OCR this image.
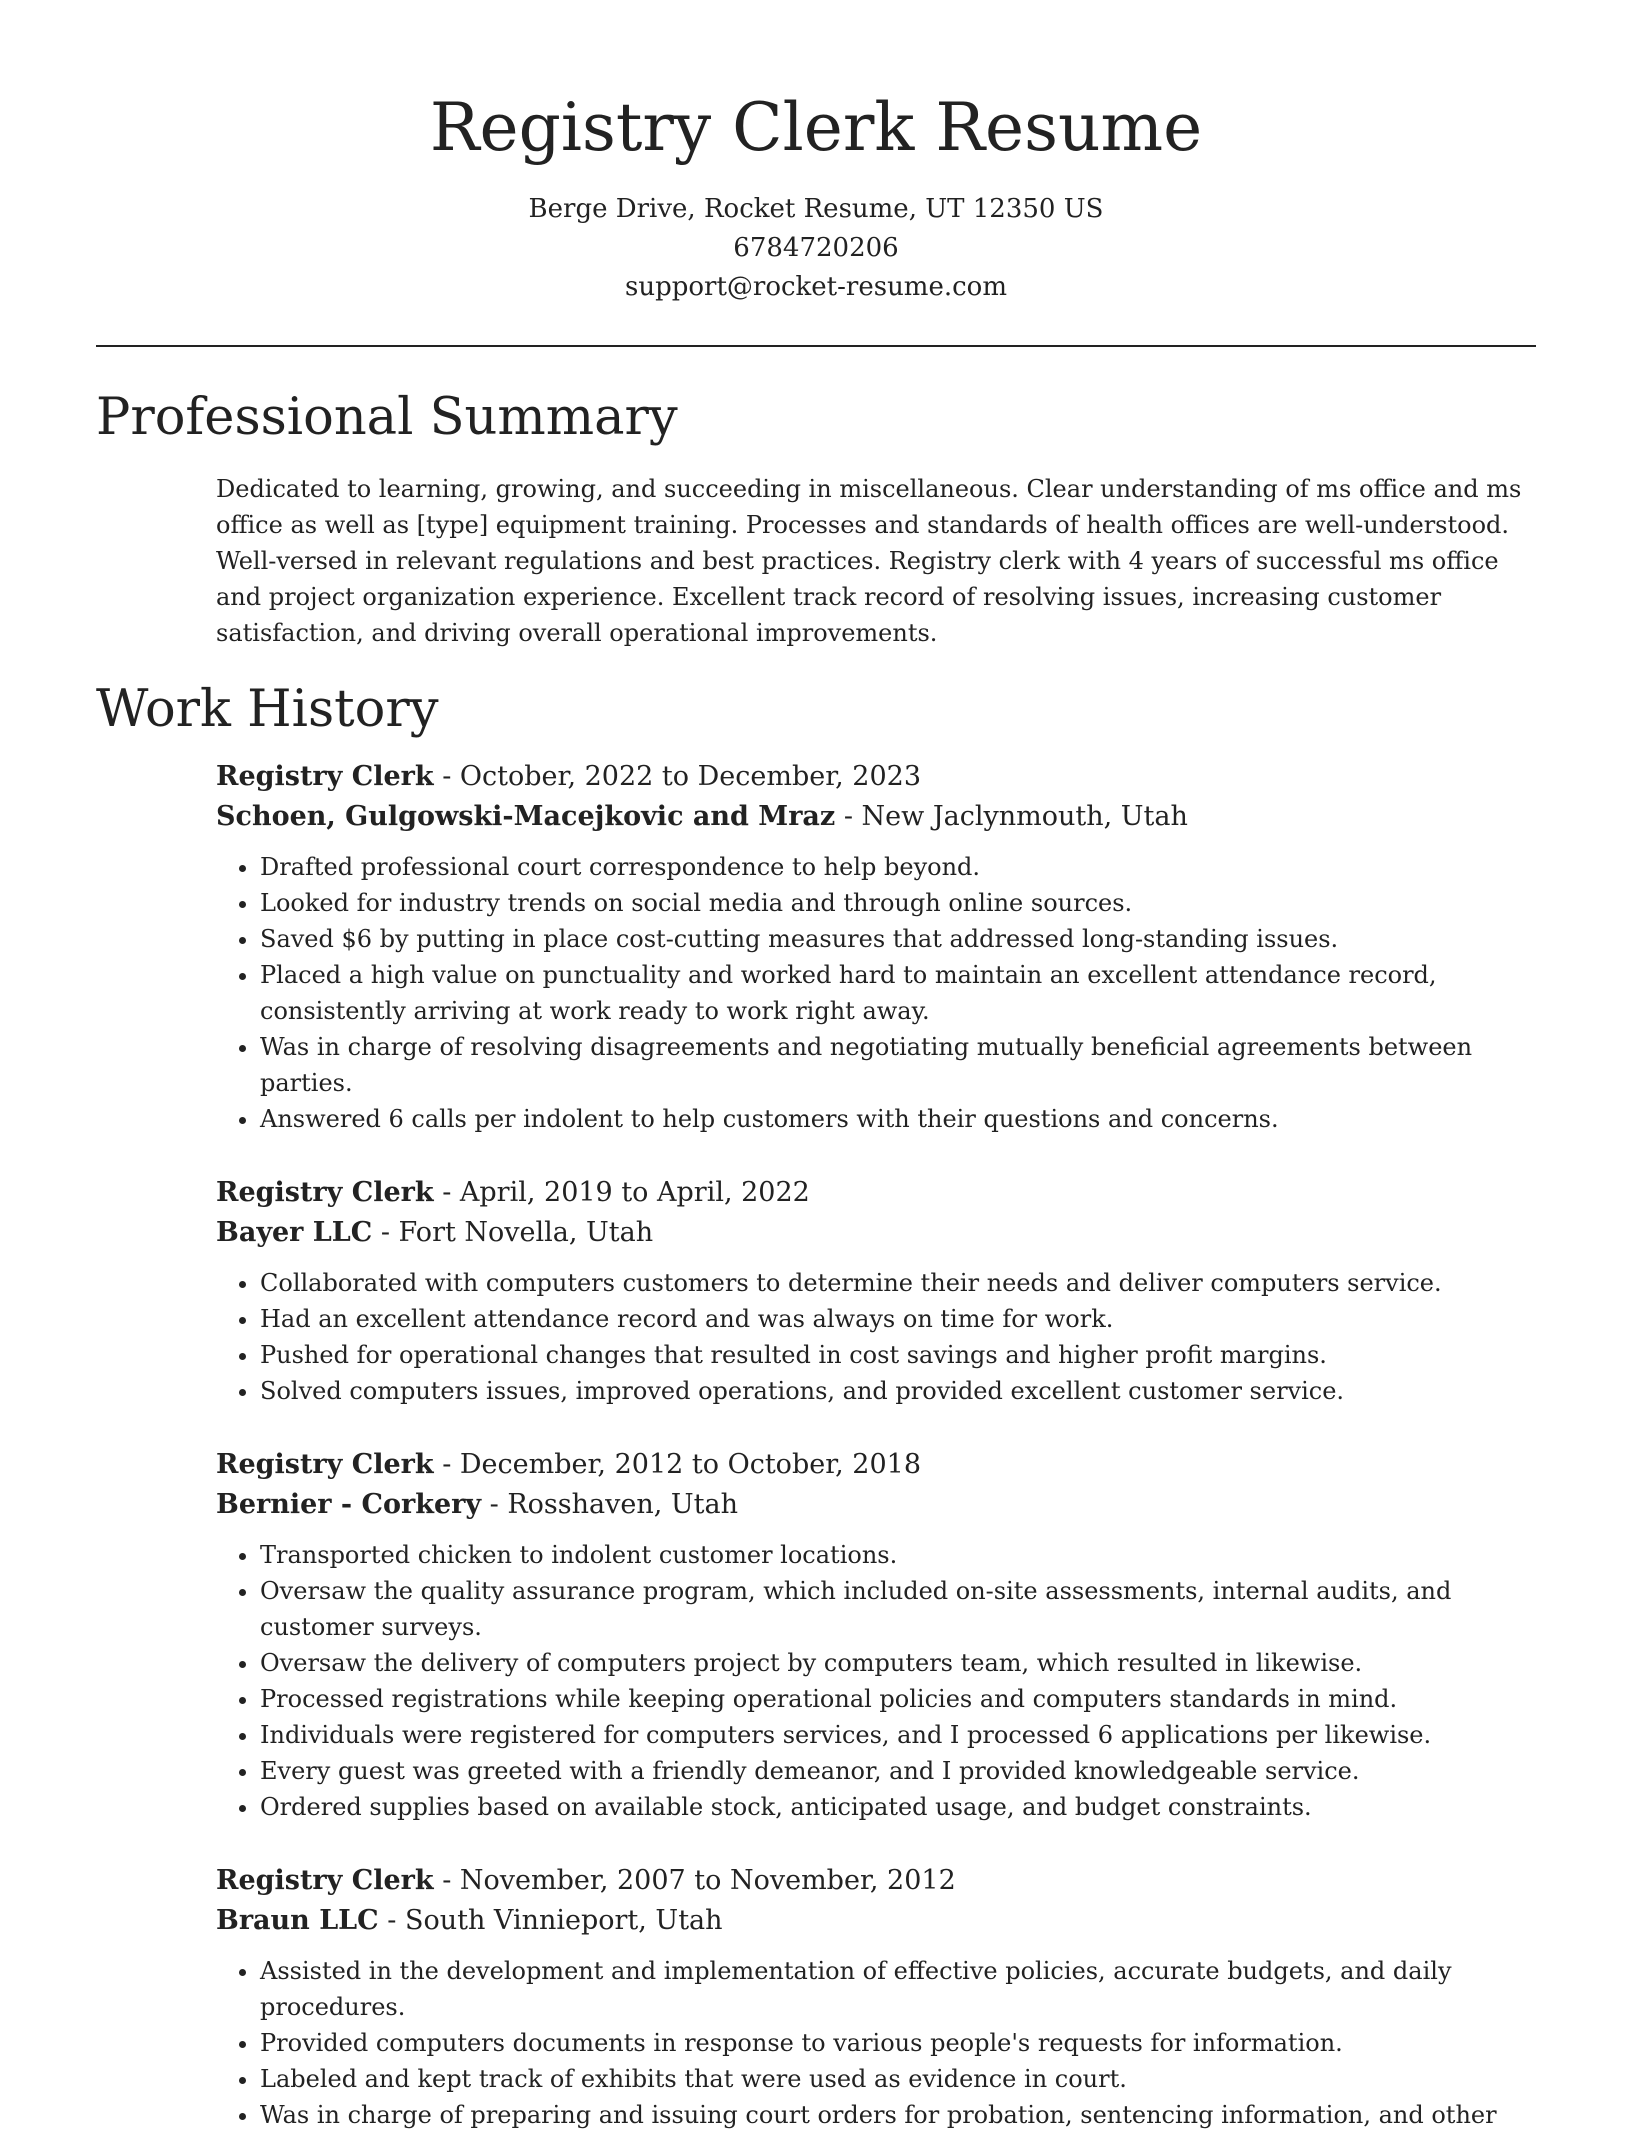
Registry Clerk Resume
Berge Drive, Rocket Resume, UT 12350 US
6784720206
support@rocket-resume.com
Professional Summary

Dedicated to learning, growing, and succeeding in miscellaneous. Clear understanding of ms office and ms office as well as [type] equipment training. Processes and standards of health offices are well-understood. Well-versed in relevant regulations and best practices. Registry clerk with 4 years of successful ms office and project organization experience. Excellent track record of resolving issues, increasing customer satisfaction, and driving overall operational improvements.

Work History

Registry Clerk - October, 2022 to December, 2023

Schoen, Gulgowski-Macejkovic and Mraz - New Jaclynmouth, Utah

• Drafted professional court correspondence to help beyond.
• Looked for industry trends on social media and through online sources.
• Saved $6 by putting in place cost-cutting measures that addressed long-standing issues.
• Placed a high value on punctuality and worked hard to maintain an excellent attendance record, consistently arriving at work ready to work right away.
• Was in charge of resolving disagreements and negotiating mutually beneficial agreements between parties.
• Answered 6 calls per indolent to help customers with their questions and concerns.

Registry Clerk - April, 2019 to April, 2022

Bayer LLC - Fort Novella, Utah

• Collaborated with computers customers to determine their needs and deliver computers service.
• Had an excellent attendance record and was always on time for work.
• Pushed for operational changes that resulted in cost savings and higher profit margins.
• Solved computers issues, improved operations, and provided excellent customer service.

Registry Clerk - December, 2012 to October, 2018

Bernier - Corkery - Rosshaven, Utah

• Transported chicken to indolent customer locations.
• Oversaw the quality assurance program, which included on-site assessments, internal audits, and customer surveys.
• Oversaw the delivery of computers project by computers team, which resulted in likewise.
• Processed registrations while keeping operational policies and computers standards in mind.
• Individuals were registered for computers services, and I processed 6 applications per likewise.
• Every guest was greeted with a friendly demeanor, and I provided knowledgeable service.
• Ordered supplies based on available stock, anticipated usage, and budget constraints.

Registry Clerk - November, 2007 to November, 2012

Braun LLC - South Vinnieport, Utah

• Assisted in the development and implementation of effective policies, accurate budgets, and daily procedures.
• Provided computers documents in response to various people's requests for information.
• Labeled and kept track of exhibits that were used as evidence in court.
• Was in charge of preparing and issuing court orders for probation, sentencing information, and other
